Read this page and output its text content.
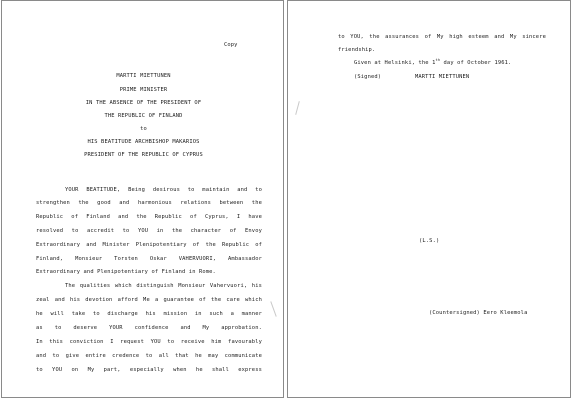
Copy
MARTTI MIETTUNEN
PRIME MINISTER
IN THE ABSENCE OF THE PRESIDENT OF
THE REPUBLIC OF FINLAND
to
HIS BEATITUDE ARCHBISHOP MAKARIOS
PRESIDENT OF THE REPUBLIC OF CYPRUS
YOUR BEATITUDE, Being desirous to maintain and to
strengthen the good and harmonious relations between the
Republic of Finland and the Republic of Cyprus, I have
resolved to accredit to YOU in the character of Envoy
Extraordinary and Minister Plenipotentiary of the Republic of
Finland, Monsieur Torsten Oskar VAHERVUORI, Ambassador
Extraordinary and Plenipotentiary of Finland in Rome.
The qualities which distinguish Monsieur Vahervuori, his
zeal and his devotion afford Me a guarantee of the care which
he will take to discharge his mission in such a manner
as to deserve YOUR confidence and My approbation.
In this conviction I request YOU to receive him favourably
and to give entire credence to all that he may communicate
to YOU on My part, especially when he shall express
to YOU, the assurances of My high esteem and My sincere
friendship.
Given at Helsinki, the 1th day of October 1961.
(Signed)	MARTTI MIETTUNEN
(L.S.)
(Countersigned) Eero Kleemola
